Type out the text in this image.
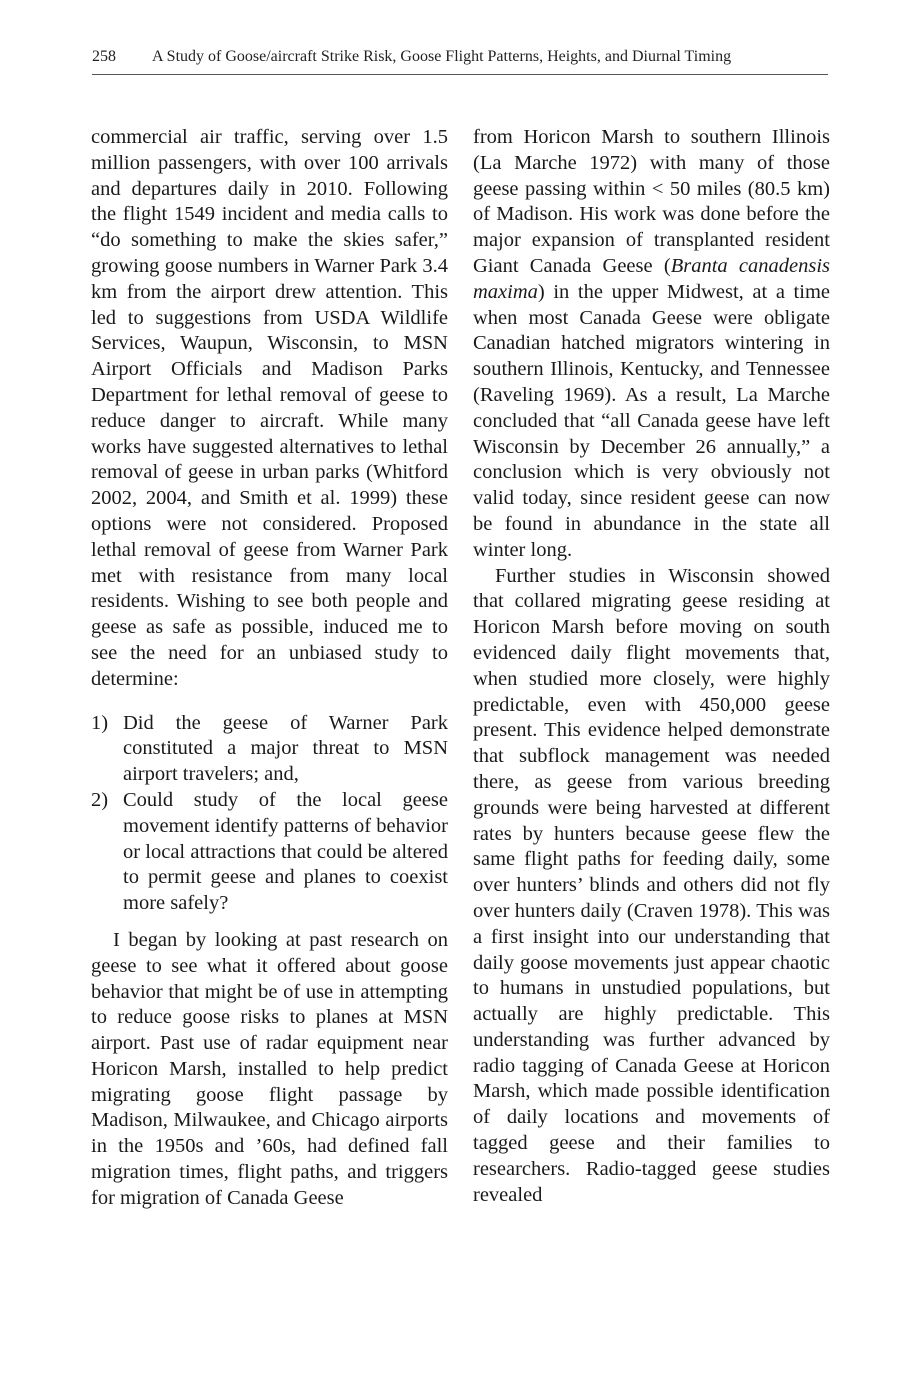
258	A Study of Goose/aircraft Strike Risk, Goose Flight Patterns, Heights, and Diurnal Timing

commercial air traffic, serving over 1.5 million passengers, with over 100 arrivals and departures daily in 2010. Following the flight 1549 incident and media calls to “do something to make the skies safer,” growing goose numbers in Warner Park 3.4 km from the airport drew attention. This led to suggestions from USDA Wildlife Services, Waupun, Wisconsin, to MSN Airport Officials and Madison Parks Department for lethal removal of geese to reduce danger to aircraft. While many works have suggested alternatives to lethal removal of geese in urban parks (Whitford 2002, 2004, and Smith et al. 1999) these options were not considered. Proposed lethal removal of geese from Warner Park met with resistance from many local residents. Wishing to see both people and geese as safe as possible, induced me to see the need for an unbiased study to determine:

1) Did the geese of Warner Park constituted a major threat to MSN airport travelers; and,
2) Could study of the local geese movement identify patterns of behavior or local attractions that could be altered to permit geese and planes to coexist more safely?

I began by looking at past research on geese to see what it offered about goose behavior that might be of use in attempting to reduce goose risks to planes at MSN airport. Past use of radar equipment near Horicon Marsh, installed to help predict migrating goose flight passage by Madison, Milwaukee, and Chicago airports in the 1950s and ’60s, had defined fall migration times, flight paths, and triggers for migration of Canada Geese

from Horicon Marsh to southern Illinois (La Marche 1972) with many of those geese passing within < 50 miles (80.5 km) of Madison. His work was done before the major expansion of transplanted resident Giant Canada Geese (Branta canadensis maxima) in the upper Midwest, at a time when most Canada Geese were obligate Canadian hatched migrators wintering in southern Illinois, Kentucky, and Tennessee (Raveling 1969). As a result, La Marche concluded that “all Canada geese have left Wisconsin by December 26 annually,” a conclusion which is very obviously not valid today, since resident geese can now be found in abundance in the state all winter long.

Further studies in Wisconsin showed that collared migrating geese residing at Horicon Marsh before moving on south evidenced daily flight movements that, when studied more closely, were highly predictable, even with 450,000 geese present. This evidence helped demonstrate that subflock management was needed there, as geese from various breeding grounds were being harvested at different rates by hunters because geese flew the same flight paths for feeding daily, some over hunters’ blinds and others did not fly over hunters daily (Craven 1978). This was a first insight into our understanding that daily goose movements just appear chaotic to humans in unstudied populations, but actually are highly predictable. This understanding was further advanced by radio tagging of Canada Geese at Horicon Marsh, which made possible identification of daily locations and movements of tagged geese and their families to researchers. Radio-tagged geese studies revealed
